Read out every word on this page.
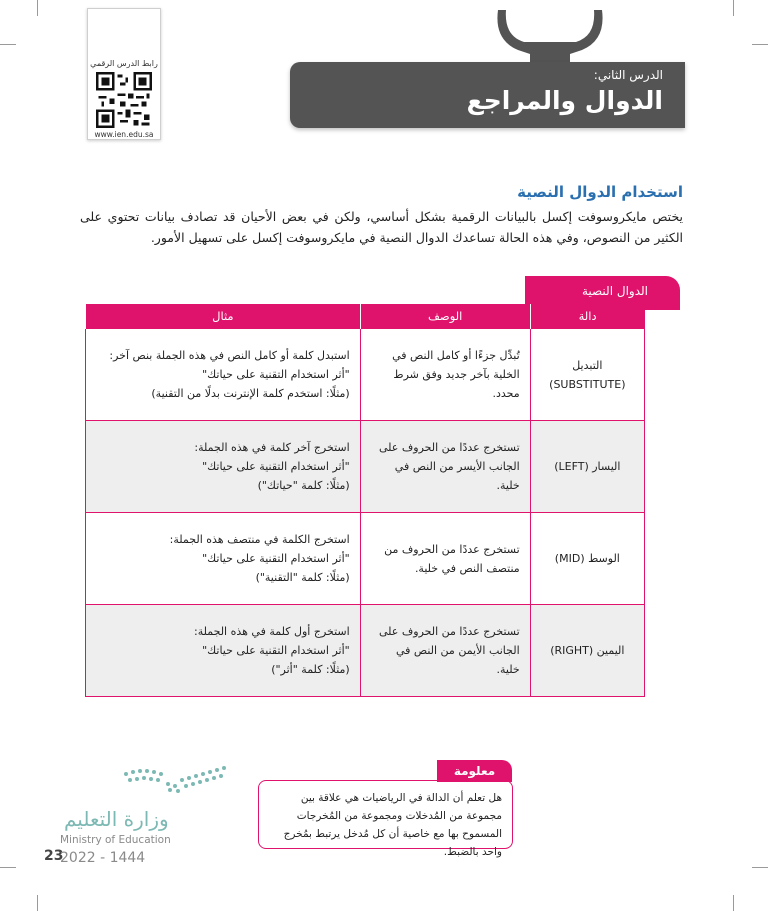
رابط الدرس الرقمي
www.ien.edu.sa
الدرس الثاني:
الدوال والمراجع
استخدام الدوال النصية
يختص مايكروسوفت إكسل بالبيانات الرقمية بشكل أساسي، ولكن في بعض الأحيان قد تصادف بيانات تحتوي على الكثير من النصوص، وفي هذه الحالة تساعدك الدوال النصية في مايكروسوفت إكسل على تسهيل الأمور.
الدوال النصية
دالة	الوصف	مثال
التبديل (SUBSTITUTE)	تُبدِّل جزءًا أو كامل النص في الخلية بآخر جديد وفق شرط محدد.	استبدل كلمة أو كامل النص في هذه الجملة بنص آخر:
"أثر استخدام التقنية على حياتك"
(مثلًا: استخدم كلمة الإنترنت بدلًا من التقنية)

اليسار (LEFT)	تستخرج عددًا من الحروف على الجانب الأيسر من النص في خلية.	استخرج آخر كلمة في هذه الجملة:
"أثر استخدام التقنية على حياتك"
(مثلًا: كلمة "حياتك")

الوسط (MID)	تستخرج عددًا من الحروف من منتصف النص في خلية.	استخرج الكلمة في منتصف هذه الجملة:
"أثر استخدام التقنية على حياتك"
(مثلًا: كلمة "التقنية")

اليمين (RIGHT)	تستخرج عددًا من الحروف على الجانب الأيمن من النص في خلية.	استخرج أول كلمة في هذه الجملة:
"أثر استخدام التقنية على حياتك"
(مثلًا: كلمة "أثر")
هل تعلم أن الدالة في الرياضيات هي علاقة بين مجموعة من المُدخلات ومجموعة من المُخرجات المسموح بها مع خاصية أن كل مُدخل يرتبط بمُخرج واحد بالضبط.
معلومة
وزارة التعليم
Ministry of Education
23
2022 - 1444
